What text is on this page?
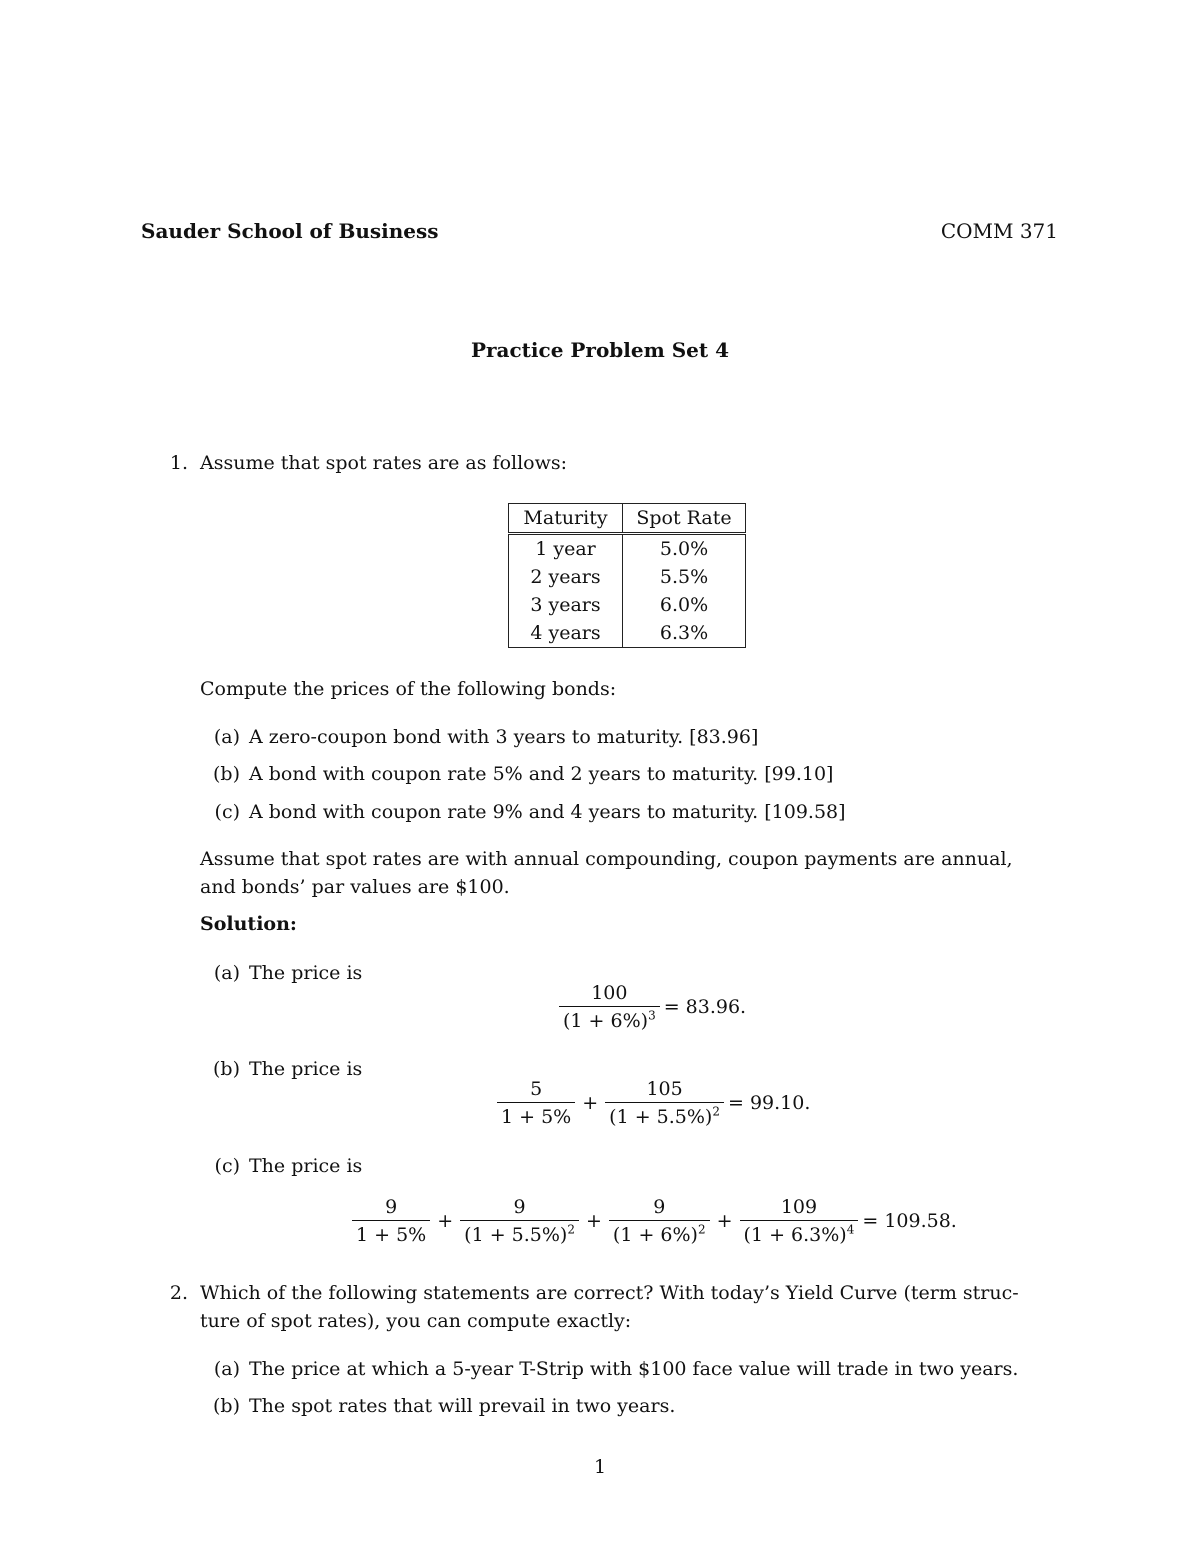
Sauder School of Business	COMM 371
Practice Problem Set 4
1. Assume that spot rates are as follows:
Maturity	Spot Rate
1 year	5.0%
2 years	5.5%
3 years	6.0%
4 years	6.3%
Compute the prices of the following bonds:
(a) A zero-coupon bond with 3 years to maturity. [83.96]
(b) A bond with coupon rate 5% and 2 years to maturity. [99.10]
(c) A bond with coupon rate 9% and 4 years to maturity. [109.58]
Assume that spot rates are with annual compounding, coupon payments are annual,
and bonds’ par values are $100.
Solution:
(a) The price is
$\frac{100}{(1 + 6\%)^3} = 83.96$.
(b) The price is
$\frac{5}{1 + 5\%} + \frac{105}{(1 + 5.5\%)^2} = 99.10$.
(c) The price is
$\frac{9}{1 + 5\%} + \frac{9}{(1 + 5.5\%)^2} + \frac{9}{(1 + 6\%)^2} + \frac{109}{(1 + 6.3\%)^4} = 109.58$.
2. Which of the following statements are correct? With today’s Yield Curve (term struc-
ture of spot rates), you can compute exactly:
(a) The price at which a 5-year T-Strip with $100 face value will trade in two years.
(b) The spot rates that will prevail in two years.
1
